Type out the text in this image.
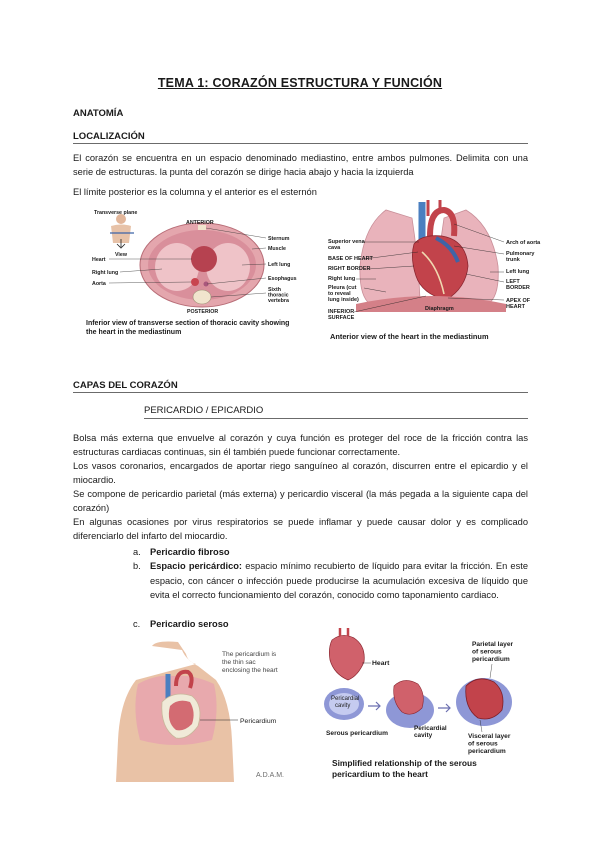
TEMA 1: CORAZÓN ESTRUCTURA Y FUNCIÓN
ANATOMÍA
LOCALIZACIÓN
El corazón se encuentra en un espacio denominado mediastino, entre ambos pulmones. Delimita con una serie de estructuras. la punta del corazón se dirige hacia abajo y hacia la izquierda
El límite posterior es la columna y el anterior es el esternón
Transverse plane
View
ANTERIOR
POSTERIOR
Heart
Right lung
Aorta
Sternum
Muscle
Left lung
Esophagus
Sixth thoracic vertebra
Inferior view of transverse section of thoracic cavity showing the heart in the mediastinum
Superior vena cava
BASE OF HEART
RIGHT BORDER
Right lung
Pleura (cut to reveal lung inside)
INFERIOR SURFACE
Diaphragm
Arch of aorta
Pulmonary trunk
Left lung
LEFT BORDER
APEX OF HEART
Anterior view of the heart in the mediastinum
CAPAS DEL CORAZÓN
PERICARDIO / EPICARDIO
Bolsa más externa que envuelve al corazón y cuya función es proteger del roce de la fricción contra las estructuras cardiacas continuas, sin él también puede funcionar correctamente.
Los vasos coronarios, encargados de aportar riego sanguíneo al corazón, discurren entre el epicardio y el miocardio.
Se compone de pericardio parietal (más externa) y pericardio visceral (la más pegada a la siguiente capa del corazón)
En algunas ocasiones por virus respiratorios se puede inflamar y puede causar dolor y es complicado diferenciarlo del infarto del miocardio.
a. Pericardio fibroso
b. Espacio pericárdico: espacio mínimo recubierto de líquido para evitar la fricción. En este espacio, con cáncer o infección puede producirse la acumulación excesiva de líquido que evita el correcto funcionamiento del corazón, conocido como taponamiento cardiaco.
c.	Pericardio seroso
The pericardium is the thin sac enclosing the heart
Pericardium
A.D.A.M.
Heart
Pericardial cavity
Serous pericardium
Pericardial cavity
Parietal layer of serous pericardium
Visceral layer of serous pericardium
Simplified relationship of the serous pericardium to the heart
